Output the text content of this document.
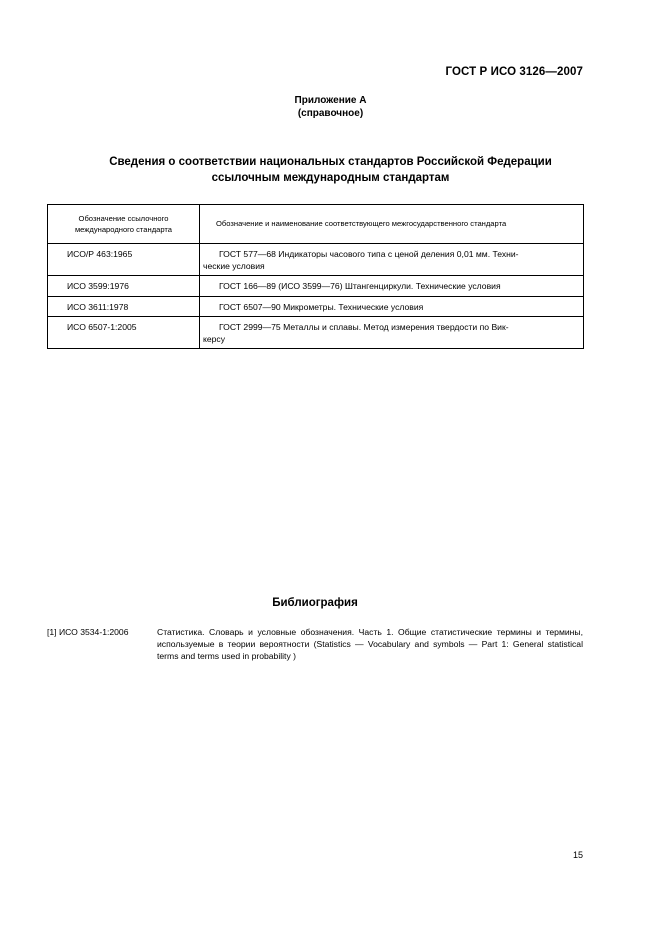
ГОСТ Р ИСО 3126—2007
Приложение А
(справочное)
Сведения о соответствии национальных стандартов Российской Федерации
ссылочным международным стандартам
Обозначение ссылочного
международного стандарта	Обозначение и наименование соответствующего межгосударственного стандарта
ИСО/Р 463:1965	ГОСТ 577—68 Индикаторы часового типа с ценой деления 0,01 мм. Техни-
ческие условия

ИСО 3599:1976	ГОСТ 166—89 (ИСО 3599—76) Штангенциркули. Технические условия

ИСО 3611:1978	ГОСТ 6507—90 Микрометры. Технические условия

ИСО 6507-1:2005	ГОСТ 2999—75 Металлы и сплавы. Метод измерения твердости по Вик-
керсу
Библиография
[1] ИСО 3534-1:2006	Статистика. Словарь и условные обозначения. Часть 1. Общие статистические термины и термины, используемые в теории вероятности (Statistics — Vocabulary and symbols — Part 1: General statistical terms and terms used in probability )
15
